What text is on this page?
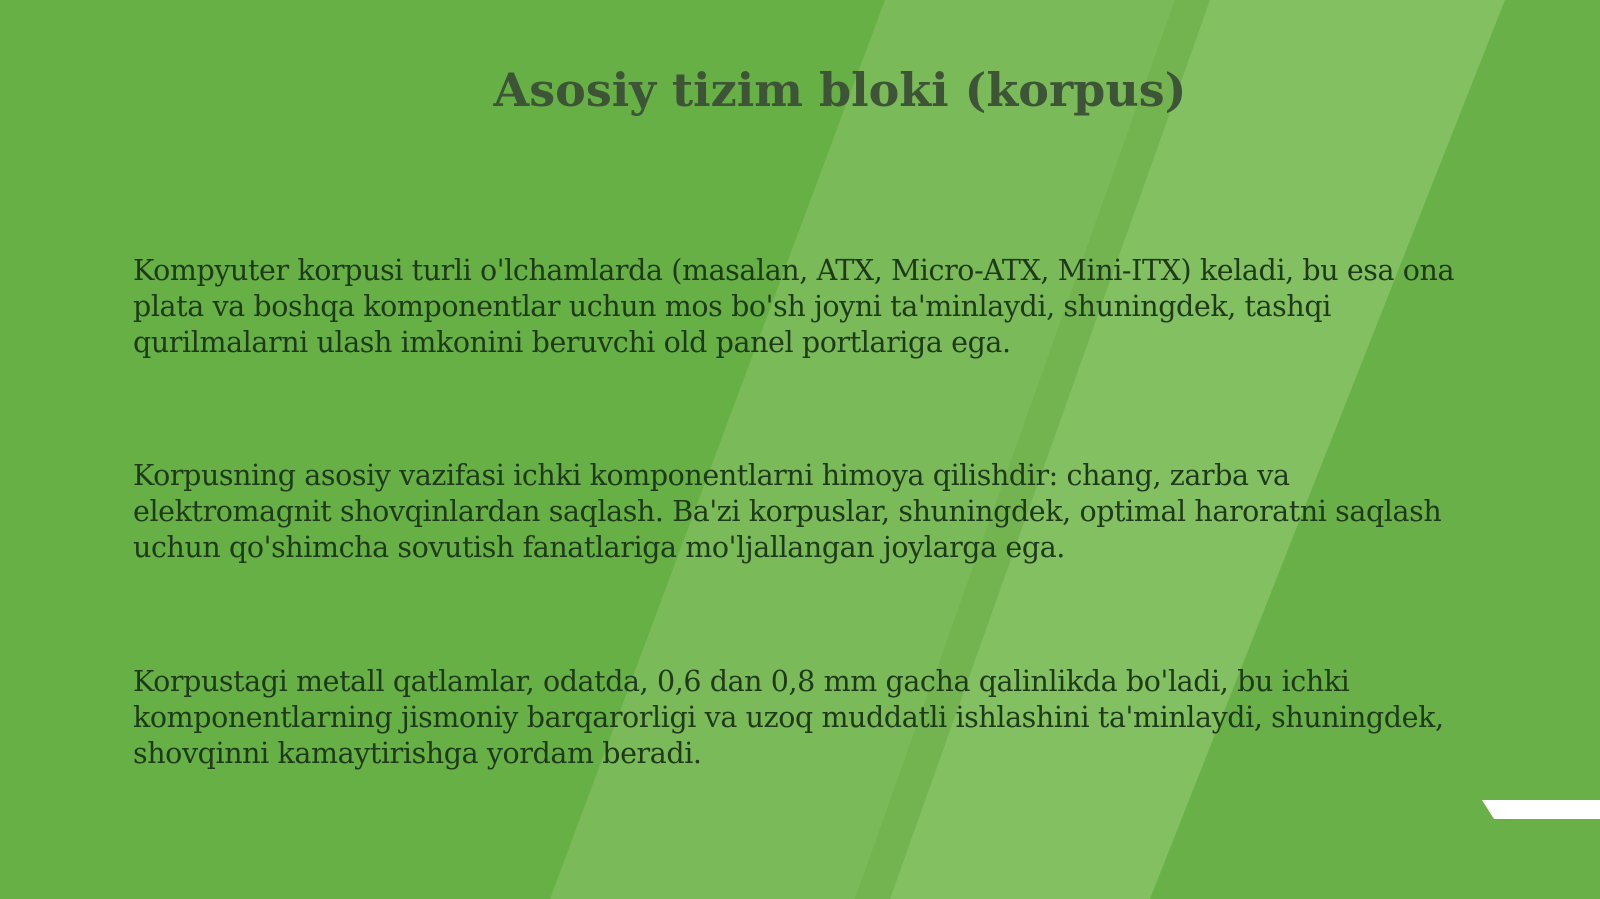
Asosiy tizim bloki (korpus)

Kompyuter korpusi turli o'lchamlarda (masalan, ATX, Micro-ATX, Mini-ITX) keladi, bu esa ona
plata va boshqa komponentlar uchun mos bo'sh joyni ta'minlaydi, shuningdek, tashqi
qurilmalarni ulash imkonini beruvchi old panel portlariga ega.

Korpusning asosiy vazifasi ichki komponentlarni himoya qilishdir: chang, zarba va
elektromagnit shovqinlardan saqlash. Ba'zi korpuslar, shuningdek, optimal haroratni saqlash
uchun qo'shimcha sovutish fanatlariga mo'ljallangan joylarga ega.

Korpustagi metall qatlamlar, odatda, 0,6 dan 0,8 mm gacha qalinlikda bo'ladi, bu ichki
komponentlarning jismoniy barqarorligi va uzoq muddatli ishlashini ta'minlaydi, shuningdek,
shovqinni kamaytirishga yordam beradi.
